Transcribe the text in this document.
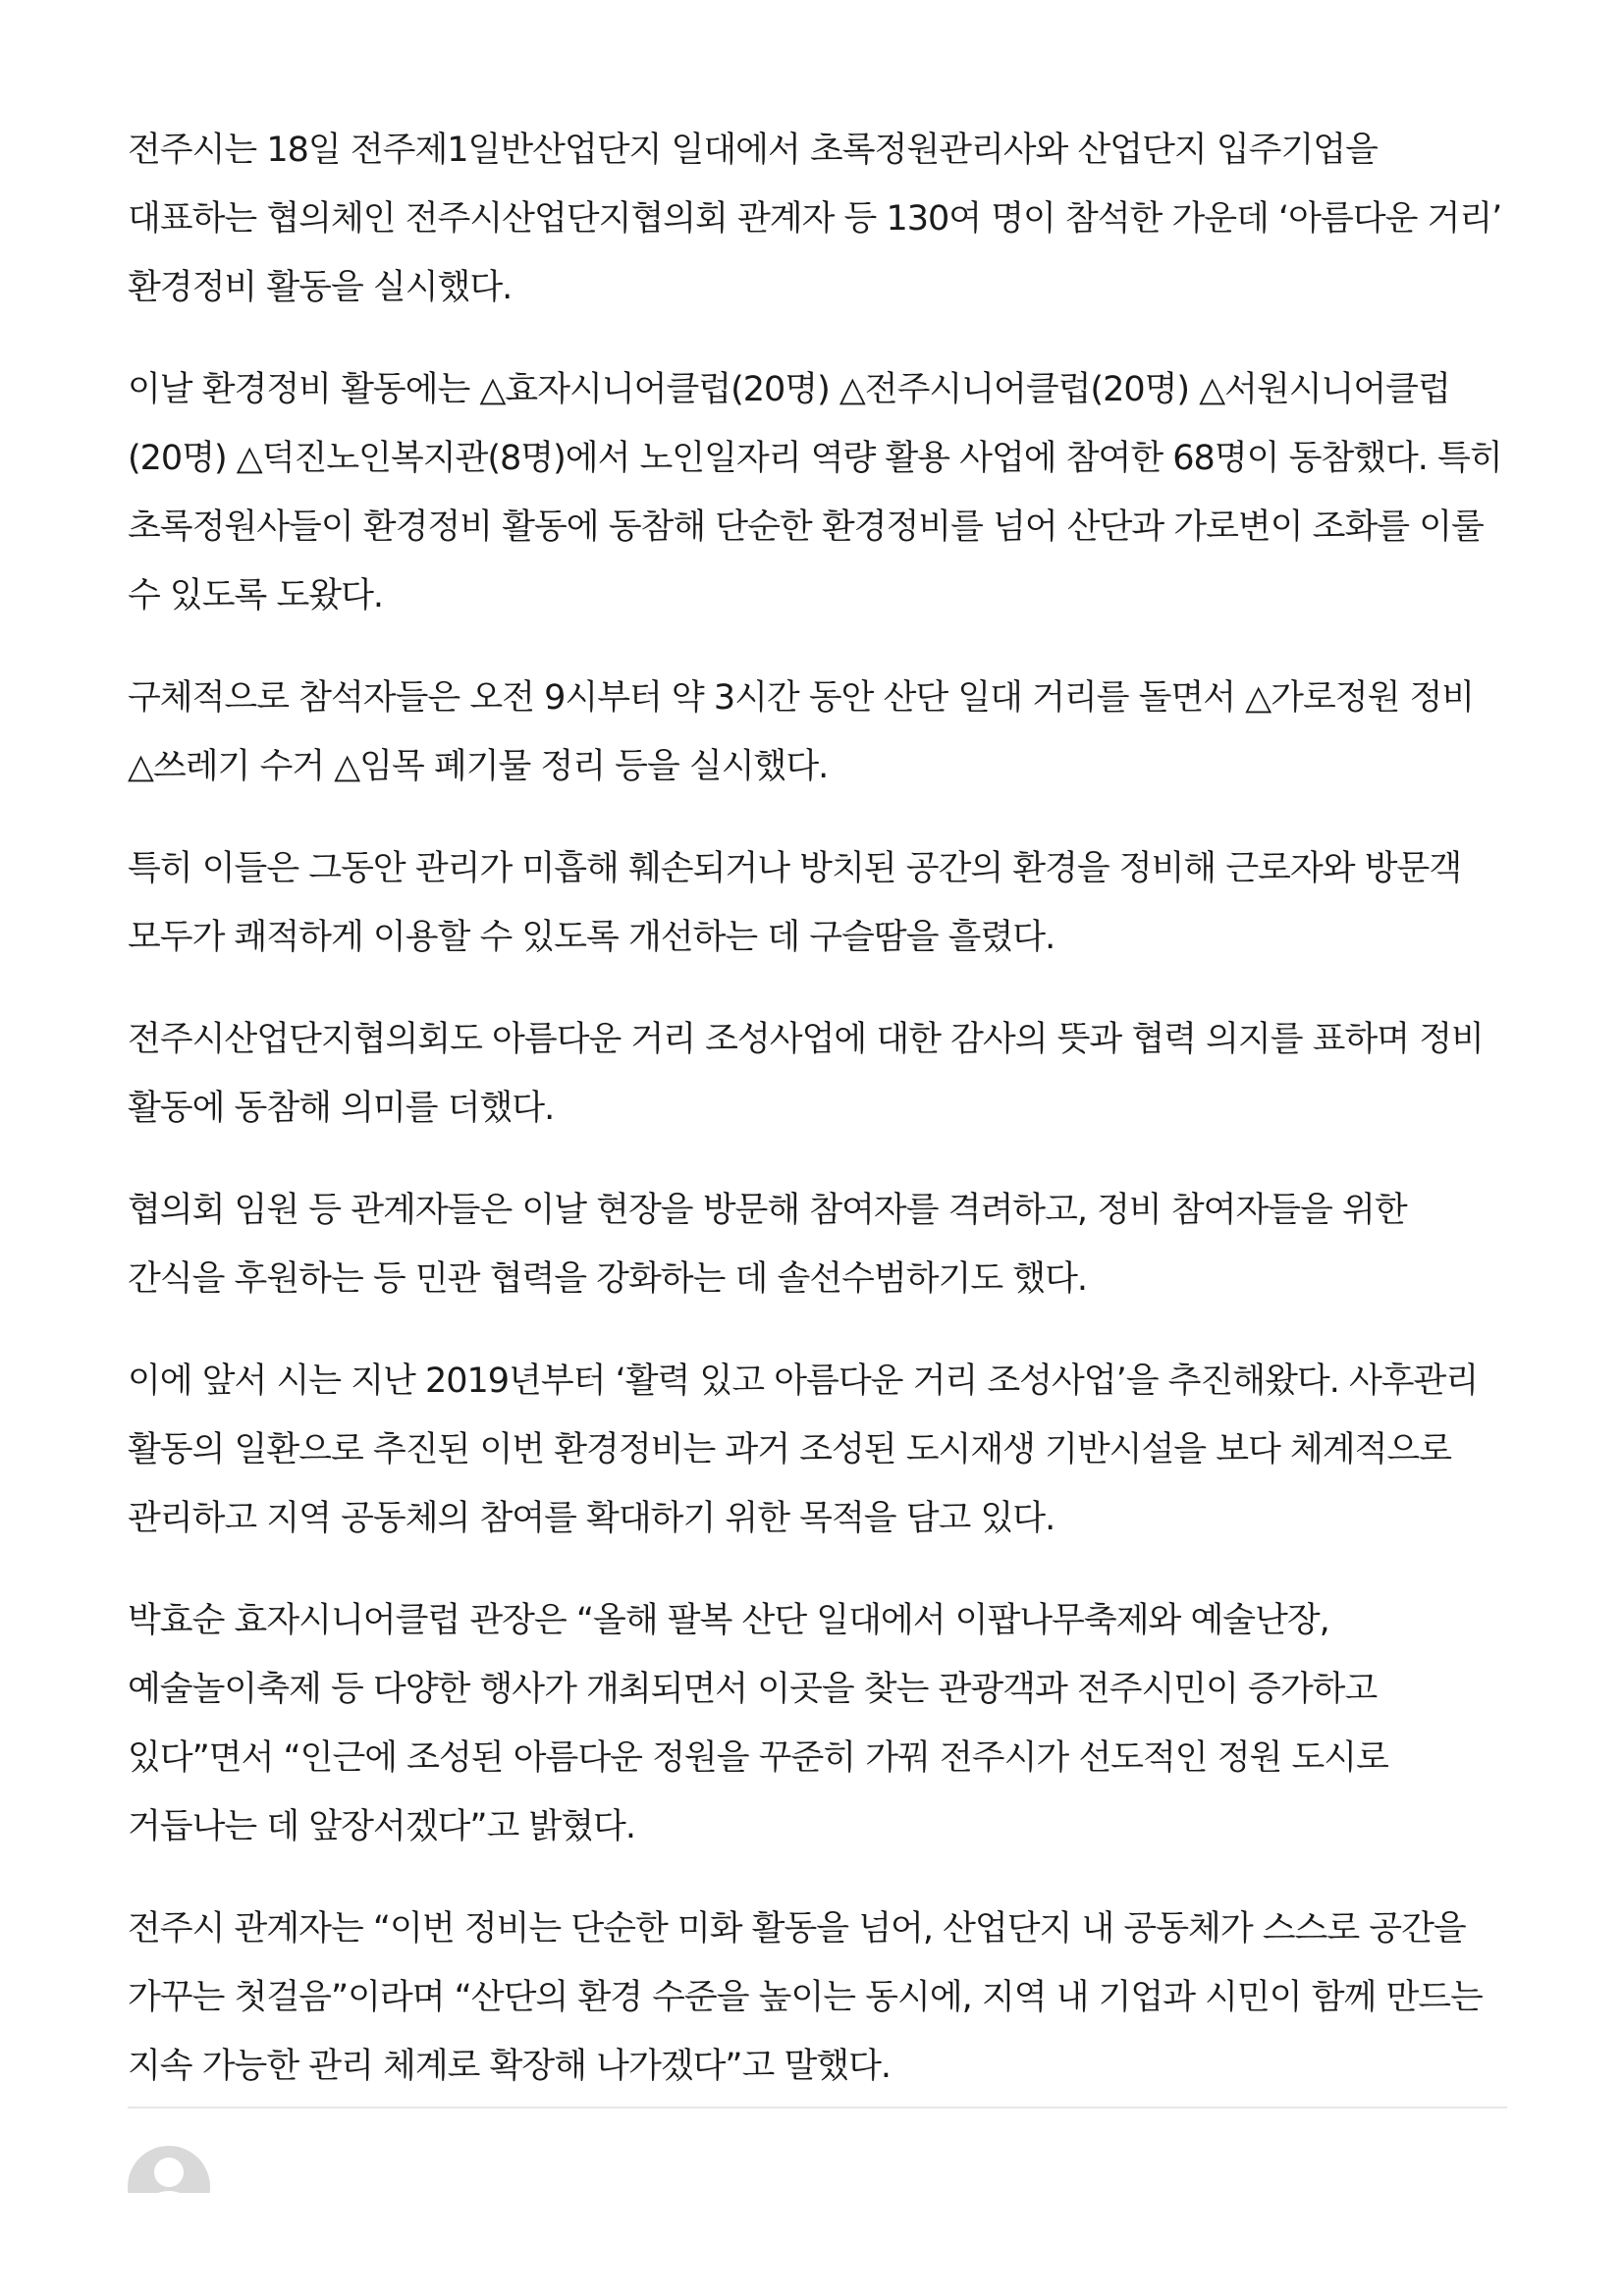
전주시는 18일 전주제1일반산업단지 일대에서 초록정원관리사와 산업단지 입주기업을 대표하는 협의체인 전주시산업단지협의회 관계자 등 130여 명이 참석한 가운데 ‘아름다운 거리’ 환경정비 활동을 실시했다.

이날 환경정비 활동에는 △효자시니어클럽(20명) △전주시니어클럽(20명) △서원시니어클럽(20명) △덕진노인복지관(8명)에서 노인일자리 역량 활용 사업에 참여한 68명이 동참했다. 특히 초록정원사들이 환경정비 활동에 동참해 단순한 환경정비를 넘어 산단과 가로변이 조화를 이룰 수 있도록 도왔다.

구체적으로 참석자들은 오전 9시부터 약 3시간 동안 산단 일대 거리를 돌면서 △가로정원 정비 △쓰레기 수거 △임목 폐기물 정리 등을 실시했다.

특히 이들은 그동안 관리가 미흡해 훼손되거나 방치된 공간의 환경을 정비해 근로자와 방문객 모두가 쾌적하게 이용할 수 있도록 개선하는 데 구슬땀을 흘렸다.

전주시산업단지협의회도 아름다운 거리 조성사업에 대한 감사의 뜻과 협력 의지를 표하며 정비 활동에 동참해 의미를 더했다.

협의회 임원 등 관계자들은 이날 현장을 방문해 참여자를 격려하고, 정비 참여자들을 위한 간식을 후원하는 등 민관 협력을 강화하는 데 솔선수범하기도 했다.

이에 앞서 시는 지난 2019년부터 ‘활력 있고 아름다운 거리 조성사업’을 추진해왔다. 사후관리 활동의 일환으로 추진된 이번 환경정비는 과거 조성된 도시재생 기반시설을 보다 체계적으로 관리하고 지역 공동체의 참여를 확대하기 위한 목적을 담고 있다.

박효순 효자시니어클럽 관장은 “올해 팔복 산단 일대에서 이팝나무축제와 예술난장, 예술놀이축제 등 다양한 행사가 개최되면서 이곳을 찾는 관광객과 전주시민이 증가하고 있다”면서 “인근에 조성된 아름다운 정원을 꾸준히 가꿔 전주시가 선도적인 정원 도시로 거듭나는 데 앞장서겠다”고 밝혔다.

전주시 관계자는 “이번 정비는 단순한 미화 활동을 넘어, 산업단지 내 공동체가 스스로 공간을 가꾸는 첫걸음”이라며 “산단의 환경 수준을 높이는 동시에, 지역 내 기업과 시민이 함께 만드는 지속 가능한 관리 체계로 확장해 나가겠다”고 말했다.
